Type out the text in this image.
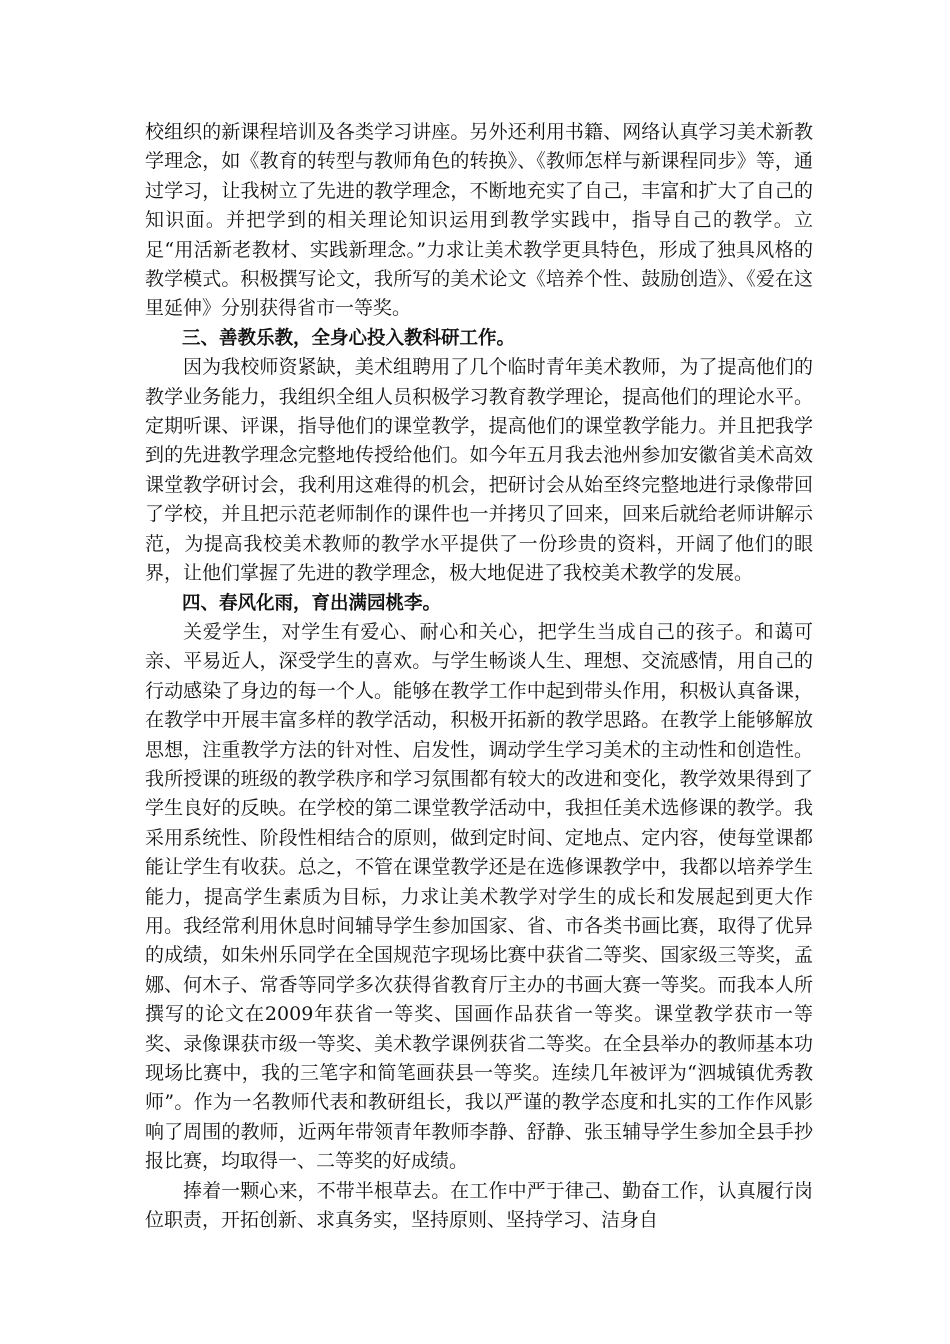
校组织的新课程培训及各类学习讲座。另外还利用书籍、网络认真学习美术新教学理念，如《教育的转型与教师角色的转换》、《教师怎样与新课程同步》等，通过学习，让我树立了先进的教学理念，不断地充实了自己，丰富和扩大了自己的知识面。并把学到的相关理论知识运用到教学实践中，指导自己的教学。立足“用活新老教材、实践新理念。”力求让美术教学更具特色，形成了独具风格的教学模式。积极撰写论文，我所写的美术论文《培养个性、鼓励创造》、《爱在这里延伸》分别获得省市一等奖。

三、善教乐教，全身心投入教科研工作。

因为我校师资紧缺，美术组聘用了几个临时青年美术教师，为了提高他们的教学业务能力，我组织全组人员积极学习教育教学理论，提高他们的理论水平。定期听课、评课，指导他们的课堂教学，提高他们的课堂教学能力。并且把我学到的先进教学理念完整地传授给他们。如今年五月我去池州参加安徽省美术高效课堂教学研讨会，我利用这难得的机会，把研讨会从始至终完整地进行录像带回了学校，并且把示范老师制作的课件也一并拷贝了回来，回来后就给老师讲解示范，为提高我校美术教师的教学水平提供了一份珍贵的资料，开阔了他们的眼界，让他们掌握了先进的教学理念，极大地促进了我校美术教学的发展。

四、春风化雨，育出满园桃李。

关爱学生，对学生有爱心、耐心和关心，把学生当成自己的孩子。和蔼可亲、平易近人，深受学生的喜欢。与学生畅谈人生、理想、交流感情，用自己的行动感染了身边的每一个人。能够在教学工作中起到带头作用，积极认真备课，在教学中开展丰富多样的教学活动，积极开拓新的教学思路。在教学上能够解放思想，注重教学方法的针对性、启发性，调动学生学习美术的主动性和创造性。我所授课的班级的教学秩序和学习氛围都有较大的改进和变化，教学效果得到了学生良好的反映。在学校的第二课堂教学活动中，我担任美术选修课的教学。我采用系统性、阶段性相结合的原则，做到定时间、定地点、定内容，使每堂课都能让学生有收获。总之，不管在课堂教学还是在选修课教学中，我都以培养学生能力，提高学生素质为目标，力求让美术教学对学生的成长和发展起到更大作用。我经常利用休息时间辅导学生参加国家、省、市各类书画比赛，取得了优异的成绩，如朱州乐同学在全国规范字现场比赛中获省二等奖、国家级三等奖，孟娜、何木子、常香等同学多次获得省教育厅主办的书画大赛一等奖。而我本人所撰写的论文在2009年获省一等奖、国画作品获省一等奖。课堂教学获市一等奖、录像课获市级一等奖、美术教学课例获省二等奖。在全县举办的教师基本功现场比赛中，我的三笔字和简笔画获县一等奖。连续几年被评为“泗城镇优秀教师”。作为一名教师代表和教研组长，我以严谨的教学态度和扎实的工作作风影响了周围的教师，近两年带领青年教师李静、舒静、张玉辅导学生参加全县手抄报比赛，均取得一、二等奖的好成绩。

捧着一颗心来，不带半根草去。在工作中严于律己、勤奋工作，认真履行岗位职责，开拓创新、求真务实，坚持原则、坚持学习、洁身自
